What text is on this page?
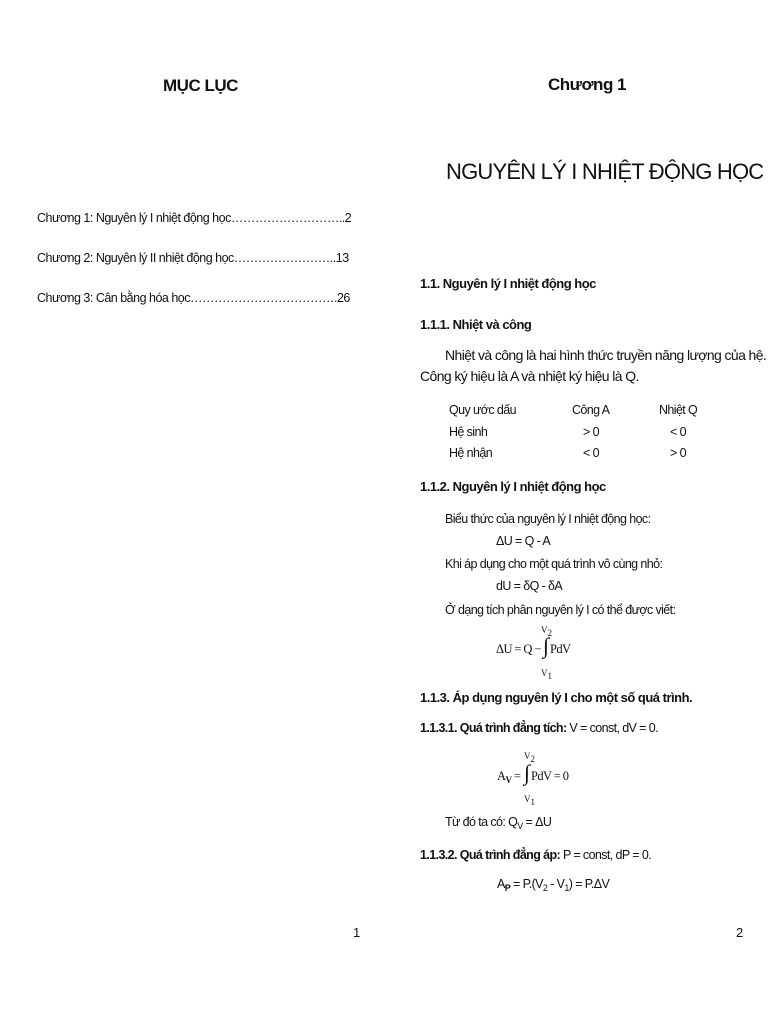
MỤC LỤC
Chương 1: Nguyên lý I nhiệt động học………………………..2
Chương 2: Nguyên lý II nhiệt động học……………………..13
Chương 3: Cân bằng hóa học……………………………….26
1
Chương 1
NGUYÊN LÝ I NHIỆT ĐỘNG HỌC
1.1. Nguyên lý I nhiệt động học
1.1.1. Nhiệt và công
Nhiệt và công là hai hình thức truyền năng lượng của hệ.
Công ký hiệu là A và nhiệt ký hiệu là Q.
Quy ước dấu	Công A	Nhiệt Q
Hệ sinh	> 0	< 0
Hệ nhận	< 0	> 0
1.1.2. Nguyên lý I nhiệt động học
Biểu thức của nguyên lý I nhiệt động học:
ΔU = Q - A
Khi áp dụng cho một quá trình vô cùng nhỏ:
dU = δQ - δA
Ở dạng tích phân nguyên lý I có thể được viết:
ΔU = Q −
$V_2$
∫
$V_1$
PdV
1.1.3. Áp dụng nguyên lý I cho một số quá trình.
1.1.3.1. Quá trình đẳng tích: V = const, dV = 0.
$A_V$ =
$V_2$
∫
$V_1$
PdV = 0
Từ đó ta có: $Q_V = \Delta U$
1.1.3.2. Quá trình đẳng áp: P = const, dP = 0.
$A_P = P.(V_2 - V_1) = P.\Delta V$
2
